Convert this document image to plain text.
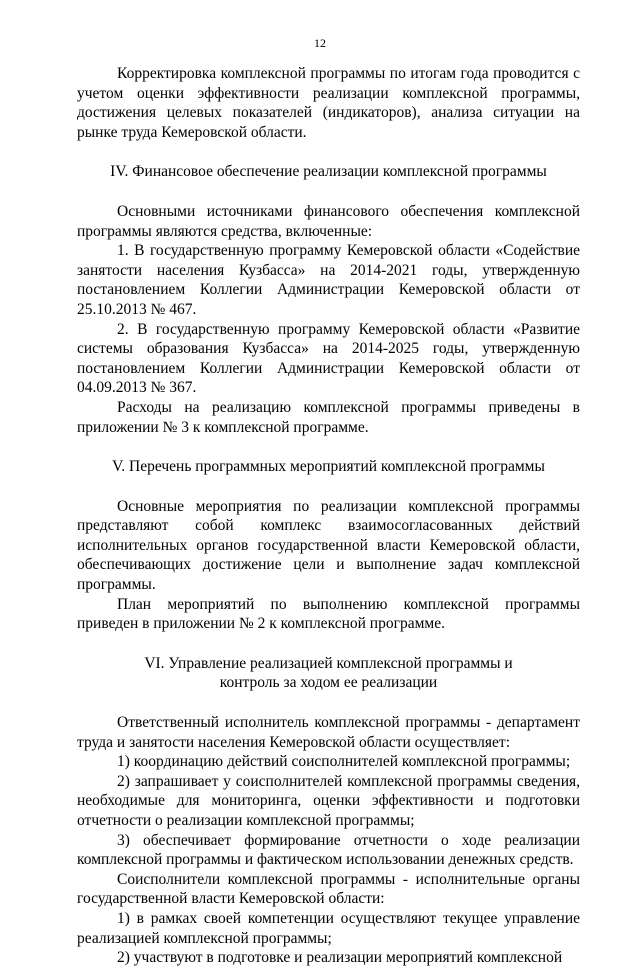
12

Корректировка комплексной программы по итогам года проводится с учетом оценки эффективности реализации комплексной программы, достижения целевых показателей (индикаторов), анализа ситуации на рынке труда Кемеровской области.

IV. Финансовое обеспечение реализации комплексной программы

Основными источниками финансового обеспечения комплексной программы являются средства, включенные:

1. В государственную программу Кемеровской области «Содействие занятости населения Кузбасса» на 2014-2021 годы, утвержденную постановлением Коллегии Администрации Кемеровской области от 25.10.2013 № 467.

2. В государственную программу Кемеровской области «Развитие системы образования Кузбасса» на 2014-2025 годы, утвержденную постановлением Коллегии Администрации Кемеровской области от 04.09.2013 № 367.

Расходы на реализацию комплексной программы приведены в приложении № 3 к комплексной программе.

V. Перечень программных мероприятий комплексной программы

Основные мероприятия по реализации комплексной программы представляют собой комплекс взаимосогласованных действий исполнительных органов государственной власти Кемеровской области, обеспечивающих достижение цели и выполнение задач комплексной программы.

План мероприятий по выполнению комплексной программы приведен в приложении № 2 к комплексной программе.

VI. Управление реализацией комплексной программы и
контроль за ходом ее реализации

Ответственный исполнитель комплексной программы - департамент труда и занятости населения Кемеровской области осуществляет:

1) координацию действий соисполнителей комплексной программы;

2) запрашивает у соисполнителей комплексной программы сведения, необходимые для мониторинга, оценки эффективности и подготовки отчетности о реализации комплексной программы;

3) обеспечивает формирование отчетности о ходе реализации комплексной программы и фактическом использовании денежных средств.

Соисполнители комплексной программы - исполнительные органы государственной власти Кемеровской области:

1) в рамках своей компетенции осуществляют текущее управление реализацией комплексной программы;

2) участвуют в подготовке и реализации мероприятий комплексной
